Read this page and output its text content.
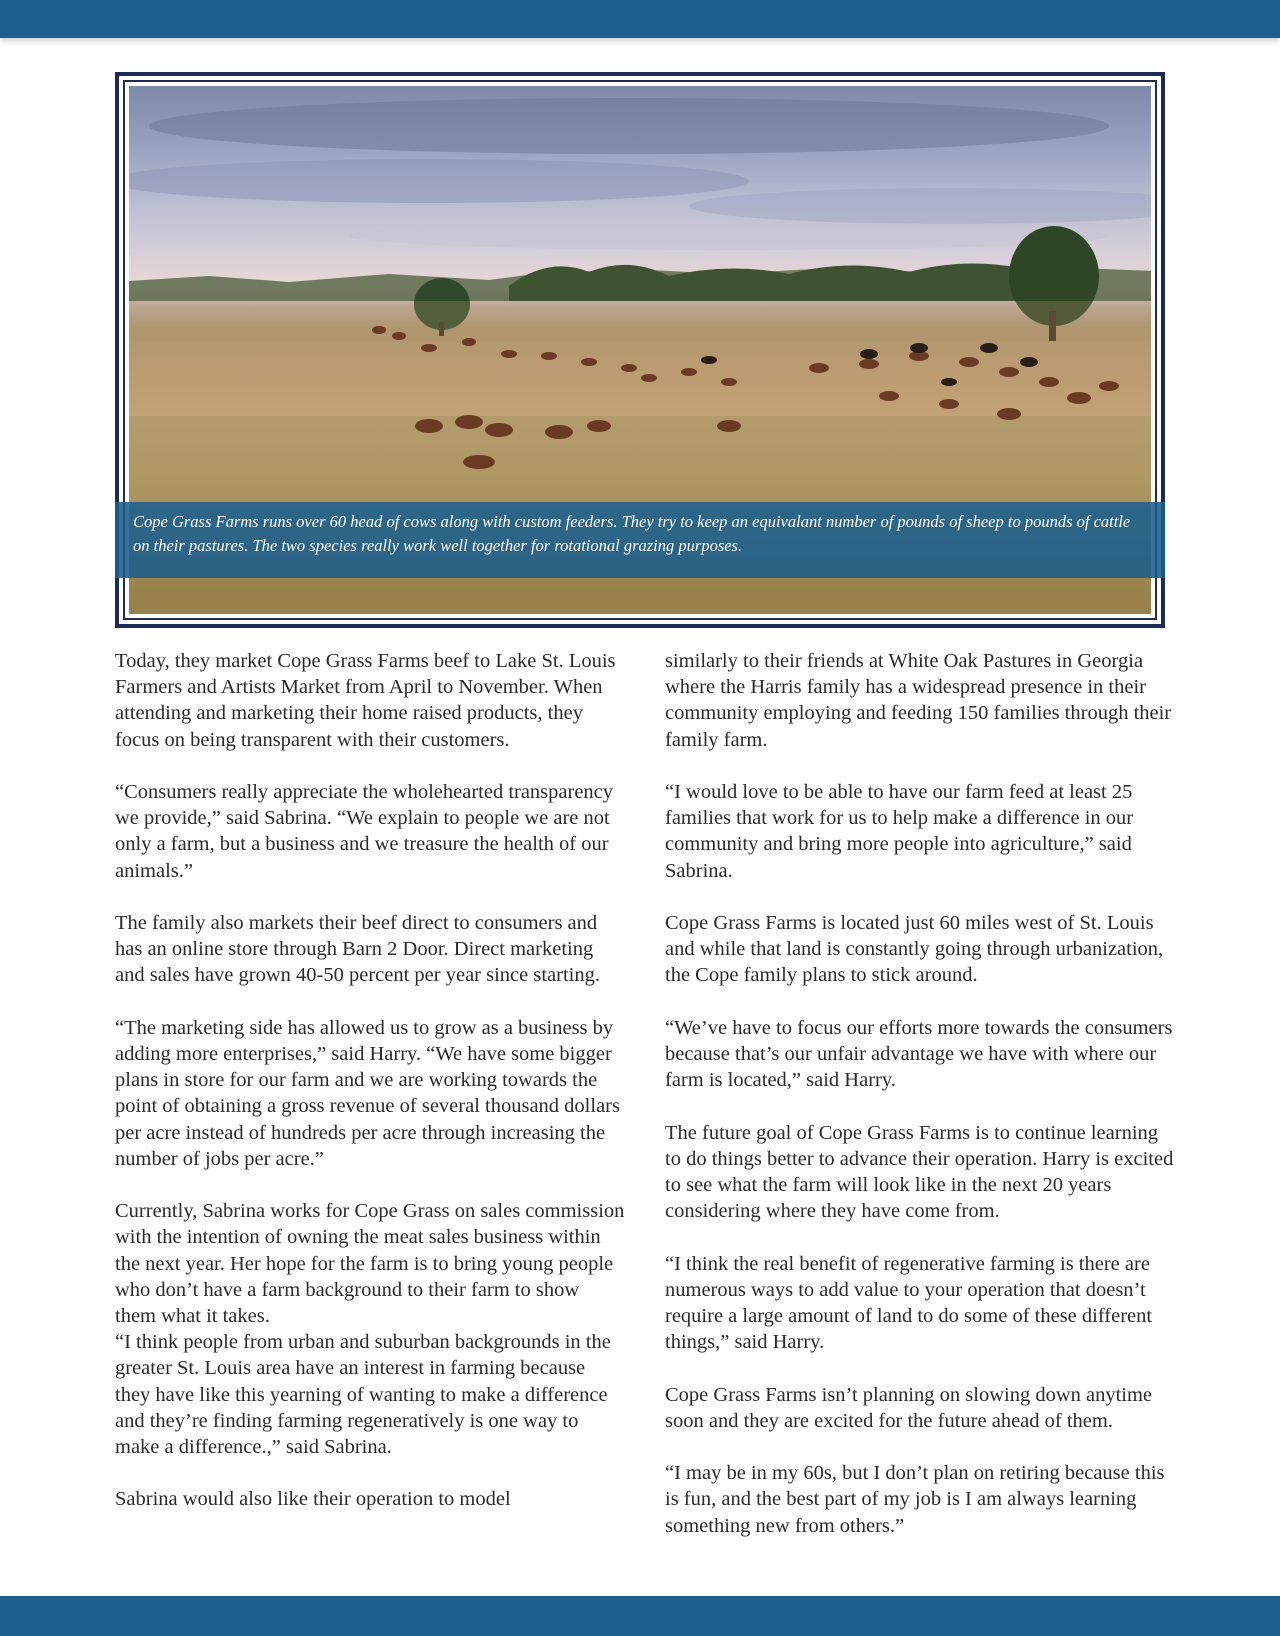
Cope Grass Farms runs over 60 head of cows along with custom feeders. They try to keep an equivalant number of pounds of sheep to pounds of cattle on their pastures. The two species really work well together for rotational grazing purposes.

Today, they market Cope Grass Farms beef to Lake St. Louis Farmers and Artists Market from April to November. When attending and marketing their home raised products, they focus on being transparent with their customers.

“Consumers really appreciate the wholehearted transparency we provide,” said Sabrina. “We explain to people we are not only a farm, but a business and we treasure the health of our animals.”

The family also markets their beef direct to consumers and has an online store through Barn 2 Door. Direct marketing and sales have grown 40-50 percent per year since starting.

“The marketing side has allowed us to grow as a business by adding more enterprises,” said Harry. “We have some bigger plans in store for our farm and we are working towards the point of obtaining a gross revenue of several thousand dollars per acre instead of hundreds per acre through increasing the number of jobs per acre.”

Currently, Sabrina works for Cope Grass on sales commission with the intention of owning the meat sales business within the next year. Her hope for the farm is to bring young people who don’t have a farm background to their farm to show them what it takes.

“I think people from urban and suburban backgrounds in the greater St. Louis area have an interest in farming because they have like this yearning of wanting to make a difference and they’re finding farming regeneratively is one way to make a difference.,” said Sabrina.

Sabrina would also like their operation to model

similarly to their friends at White Oak Pastures in Georgia where the Harris family has a widespread presence in their community employing and feeding 150 families through their family farm.

“I would love to be able to have our farm feed at least 25 families that work for us to help make a difference in our community and bring more people into agriculture,” said Sabrina.

Cope Grass Farms is located just 60 miles west of St. Louis and while that land is constantly going through urbanization, the Cope family plans to stick around.

“We’ve have to focus our efforts more towards the consumers because that’s our unfair advantage we have with where our farm is located,” said Harry.

The future goal of Cope Grass Farms is to continue learning to do things better to advance their operation. Harry is excited to see what the farm will look like in the next 20 years considering where they have come from.

“I think the real benefit of regenerative farming is there are numerous ways to add value to your operation that doesn’t require a large amount of land to do some of these different things,” said Harry.

Cope Grass Farms isn’t planning on slowing down anytime soon and they are excited for the future ahead of them.

“I may be in my 60s, but I don’t plan on retiring because this is fun, and the best part of my job is I am always learning something new from others.”
